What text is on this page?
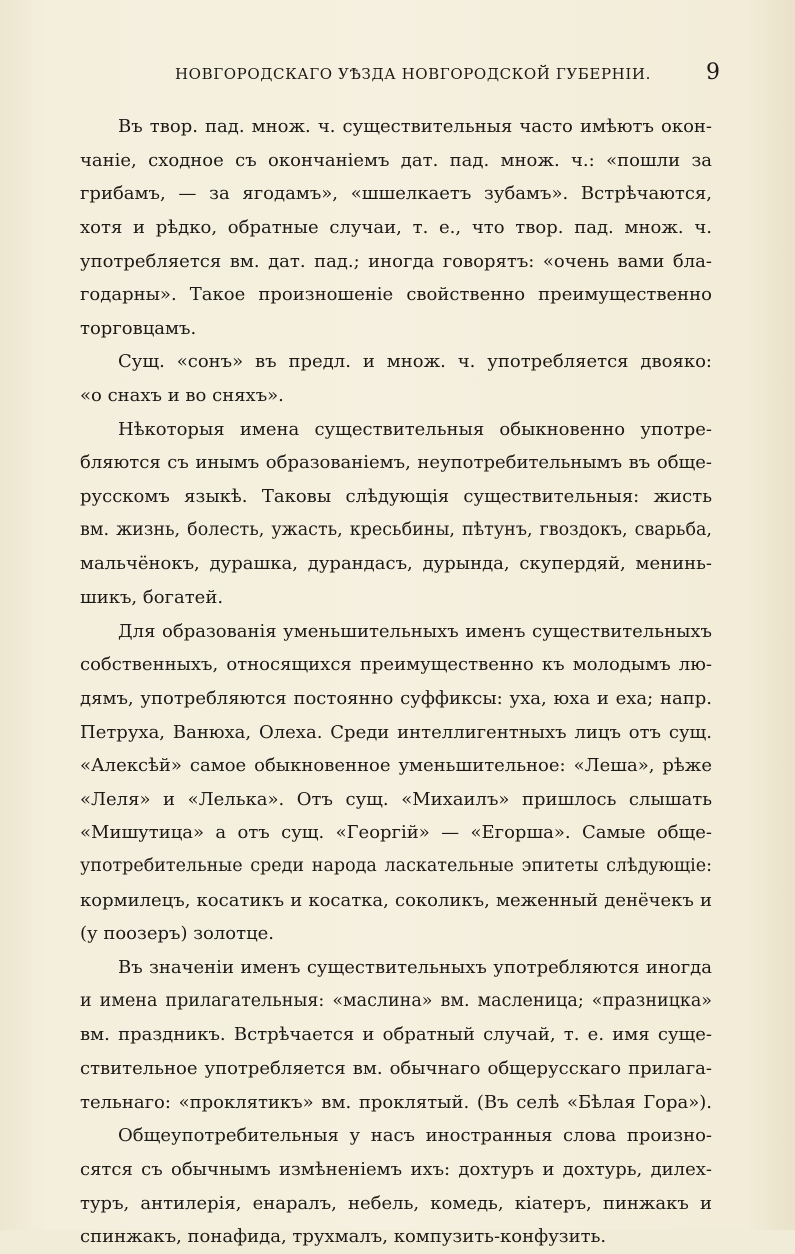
НОВГОРОДСКАГО УѢЗДА НОВГОРОДСКОЙ ГУБЕРНІИ.	9
Въ твор. пад. множ. ч. существительныя часто имѣютъ окон-
чаніе, сходное съ окончаніемъ дат. пад. множ. ч.: «пошли за
грибамъ, — за ягодамъ», «шшелкаетъ зубамъ». Встрѣчаются,
хотя и рѣдко, обратные случаи, т. е., что твор. пад. множ. ч.
употребляется вм. дат. пад.; иногда говорятъ: «очень вами бла-
годарны». Такое произношеніе свойственно преимущественно
торговцамъ.
Сущ. «сонъ» въ предл. и множ. ч. употребляется двояко:
«о снахъ и во сняхъ».
Нѣкоторыя имена существительныя обыкновенно употре-
бляются съ инымъ образованіемъ, неупотребительнымъ въ обще-
русскомъ языкѣ. Таковы слѣдующія существительныя: жисть
вм. жизнь, болесть, ужасть, кресьбины, пѣтунъ, гвоздокъ, сварьба,
мальчёнокъ, дурашка, дурандасъ, дурында, скупердяй, менинь-
шикъ, богатей.
Для образованія уменьшительныхъ именъ существительныхъ
собственныхъ, относящихся преимущественно къ молодымъ лю-
дямъ, употребляются постоянно суффиксы: уха, юха и еха; напр.
Петруха, Ванюха, Олеха. Среди интеллигентныхъ лицъ отъ сущ.
«Алексѣй» самое обыкновенное уменьшительное: «Леша», рѣже
«Леля» и «Лелька». Отъ сущ. «Михаилъ» пришлось слышать
«Мишутица» а отъ сущ. «Георгій» — «Егорша». Самые обще-
употребительные среди народа ласкательные эпитеты слѣдующіе:
кормилецъ, косатикъ и косатка, соколикъ, меженный денёчекъ и
(у поозеръ) золотце.
Въ значеніи именъ существительныхъ употребляются иногда
и имена прилагательныя: «маслина» вм. масленица; «празницка»
вм. праздникъ. Встрѣчается и обратный случай, т. е. имя суще-
ствительное употребляется вм. обычнаго общерусскаго прилага-
тельнаго: «проклятикъ» вм. проклятый. (Въ селѣ «Бѣлая Гора»).
Общеупотребительныя у насъ иностранныя слова произно-
сятся съ обычнымъ измѣненіемъ ихъ: дохтуръ и дохтурь, дилех-
туръ, антилерія, енаралъ, небель, комедь, кіатеръ, пинжакъ и
спинжакъ, понафида, трухмалъ, компузить-конфузить.
